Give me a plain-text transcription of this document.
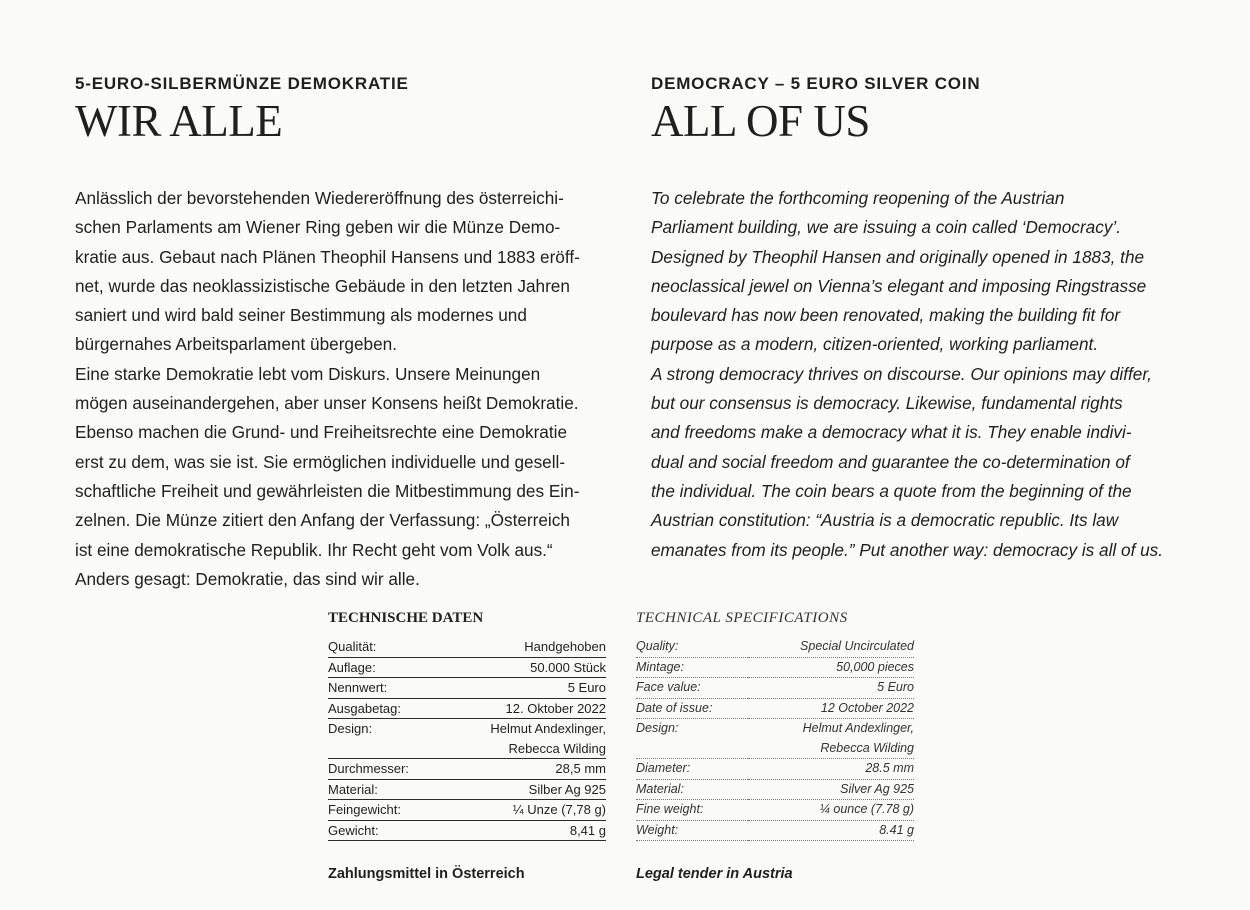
5-EURO-SILBERMÜNZE DEMOKRATIE
WIR ALLE

Anlässlich der bevorstehenden Wiedereröffnung des österreichi-

schen Parlaments am Wiener Ring geben wir die Münze Demo-

kratie aus. Gebaut nach Plänen Theophil Hansens und 1883 eröff-

net, wurde das neoklassizistische Gebäude in den letzten Jahren

saniert und wird bald seiner Bestimmung als modernes und

bürgernahes Arbeitsparlament übergeben.

Eine starke Demokratie lebt vom Diskurs. Unsere Meinungen

mögen auseinandergehen, aber unser Konsens heißt Demokratie.

Ebenso machen die Grund- und Freiheitsrechte eine Demokratie

erst zu dem, was sie ist. Sie ermöglichen individuelle und gesell-

schaftliche Freiheit und gewährleisten die Mitbestimmung des Ein-

zelnen. Die Münze zitiert den Anfang der Verfassung: „Österreich

ist eine demokratische Republik. Ihr Recht geht vom Volk aus.“

Anders gesagt: Demokratie, das sind wir alle.

DEMOCRACY – 5 EURO SILVER COIN
ALL OF US

To celebrate the forthcoming reopening of the Austrian

Parliament building, we are issuing a coin called ‘Democracy’.

Designed by Theophil Hansen and originally opened in 1883, the

neoclassical jewel on Vienna’s elegant and imposing Ringstrasse

boulevard has now been renovated, making the building fit for

purpose as a modern, citizen-oriented, working parliament.

A strong democracy thrives on discourse. Our opinions may differ,

but our consensus is democracy. Likewise, fundamental rights

and freedoms make a democracy what it is. They enable indivi-

dual and social freedom and guarantee the co-determination of

the individual. The coin bears a quote from the beginning of the

Austrian constitution: “Austria is a democratic republic. Its law

emanates from its people.” Put another way: democracy is all of us.

TECHNISCHE DATEN
Qualität:	Handgehoben
Auflage:	50.000 Stück
Nennwert:	5 Euro
Ausgabetag:	12. Oktober 2022
Design:	Helmut Andexlinger,
	Rebecca Wilding
Durchmesser:	28,5 mm
Material:	Silber Ag 925
Feingewicht:	¼ Unze (7,78 g)
Gewicht:	8,41 g
TECHNICAL SPECIFICATIONS
Quality:	Special Uncirculated
Mintage:	50,000 pieces
Face value:	5 Euro
Date of issue:	12 October 2022
Design:	Helmut Andexlinger,
	Rebecca Wilding
Diameter:	28.5 mm
Material:	Silver Ag 925
Fine weight:	¼ ounce (7.78 g)
Weight:	8.41 g
Zahlungsmittel in Österreich	Legal tender in Austria
